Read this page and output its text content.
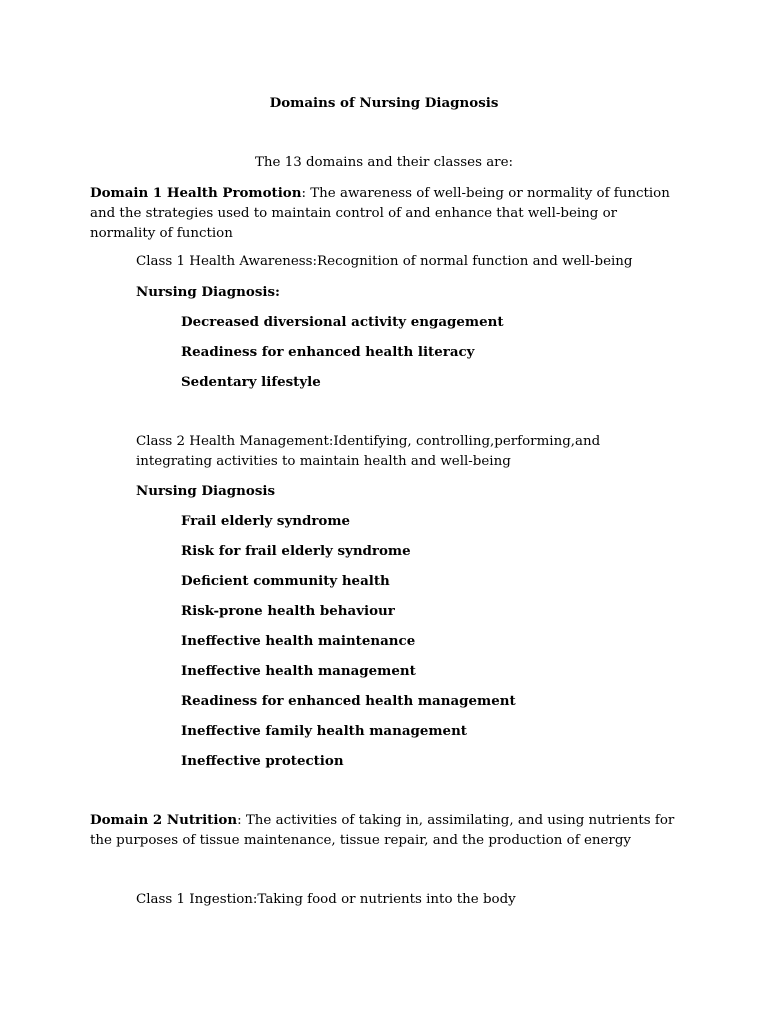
Domains of Nursing Diagnosis
The 13 domains and their classes are:
Domain 1 Health Promotion: The awareness of well-being or normality of function and the strategies used to maintain control of and enhance that well-being or normality of function
Class 1 Health Awareness:Recognition of normal function and well-being
Nursing Diagnosis:
Decreased diversional activity engagement
Readiness for enhanced health literacy
Sedentary lifestyle
Class 2 Health Management:Identifying, controlling,performing,and integrating activities to maintain health and well-being
Nursing Diagnosis
Frail elderly syndrome
Risk for frail elderly syndrome
Deficient community health
Risk-prone health behaviour
Ineffective health maintenance
Ineffective health management
Readiness for enhanced health management
Ineffective family health management
Ineffective protection
Domain 2 Nutrition: The activities of taking in, assimilating, and using nutrients for the purposes of tissue maintenance, tissue repair, and the production of energy
Class 1 Ingestion:Taking food or nutrients into the body
